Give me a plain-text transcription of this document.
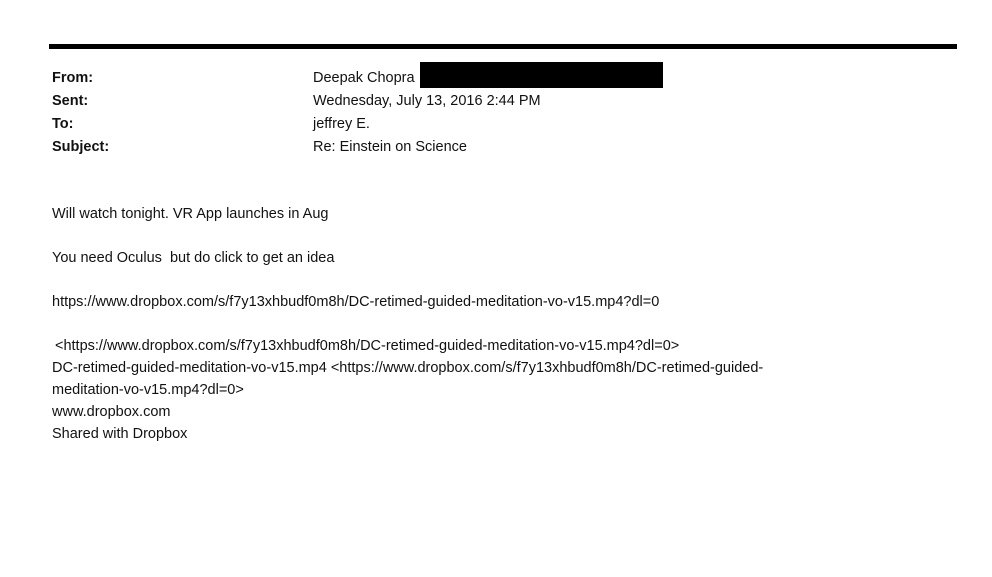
From:	Deepak Chopra
Sent:	Wednesday, July 13, 2016 2:44 PM
To:	jeffrey E.
Subject:	Re: Einstein on Science

Will watch tonight. VR App launches in Aug

You need Oculus  but do click to get an idea

https://www.dropbox.com/s/f7y13xhbudf0m8h/DC-retimed-guided-meditation-vo-v15.mp4?dl=0

<https://www.dropbox.com/s/f7y13xhbudf0m8h/DC-retimed-guided-meditation-vo-v15.mp4?dl=0>

DC-retimed-guided-meditation-vo-v15.mp4 <https://www.dropbox.com/s/f7y13xhbudf0m8h/DC-retimed-guided-

meditation-vo-v15.mp4?dl=0>

www.dropbox.com

Shared with Dropbox
